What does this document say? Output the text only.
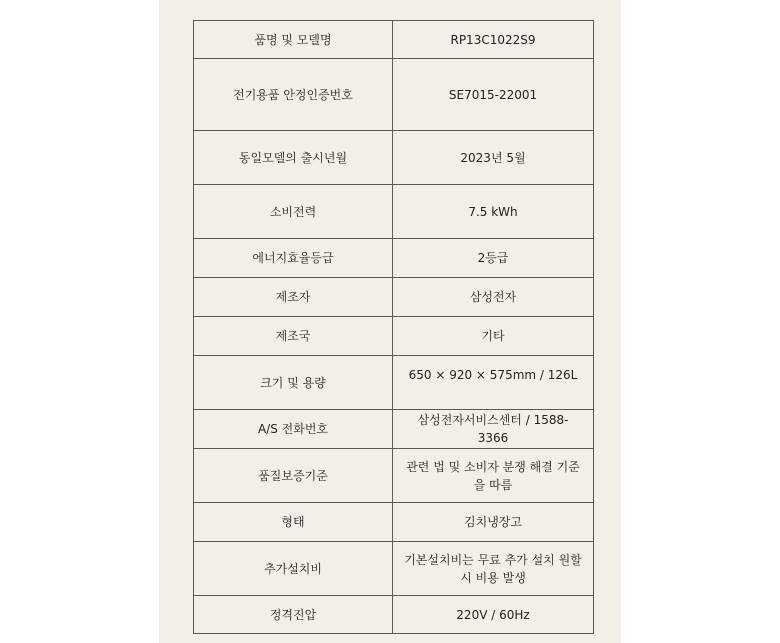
품명 및 모델명	RP13C1022S9
전기용품 안정인증번호	SE7015-22001
동일모델의 출시년월	2023년 5월
소비전력	7.5 kWh
에너지효율등급	2등급
제조자	삼성전자
제조국	기타
크기 및 용량	650 × 920 × 575mm / 126L
A/S 전화번호	삼성전자서비스센터 / 1588-3366
품질보증기준	관련 법 및 소비자 분쟁 해결 기준을 따름
형태	김치냉장고
추가설치비	기본설치비는 무료 추가 설치 원할시 비용 발생
정격진압	220V / 60Hz
